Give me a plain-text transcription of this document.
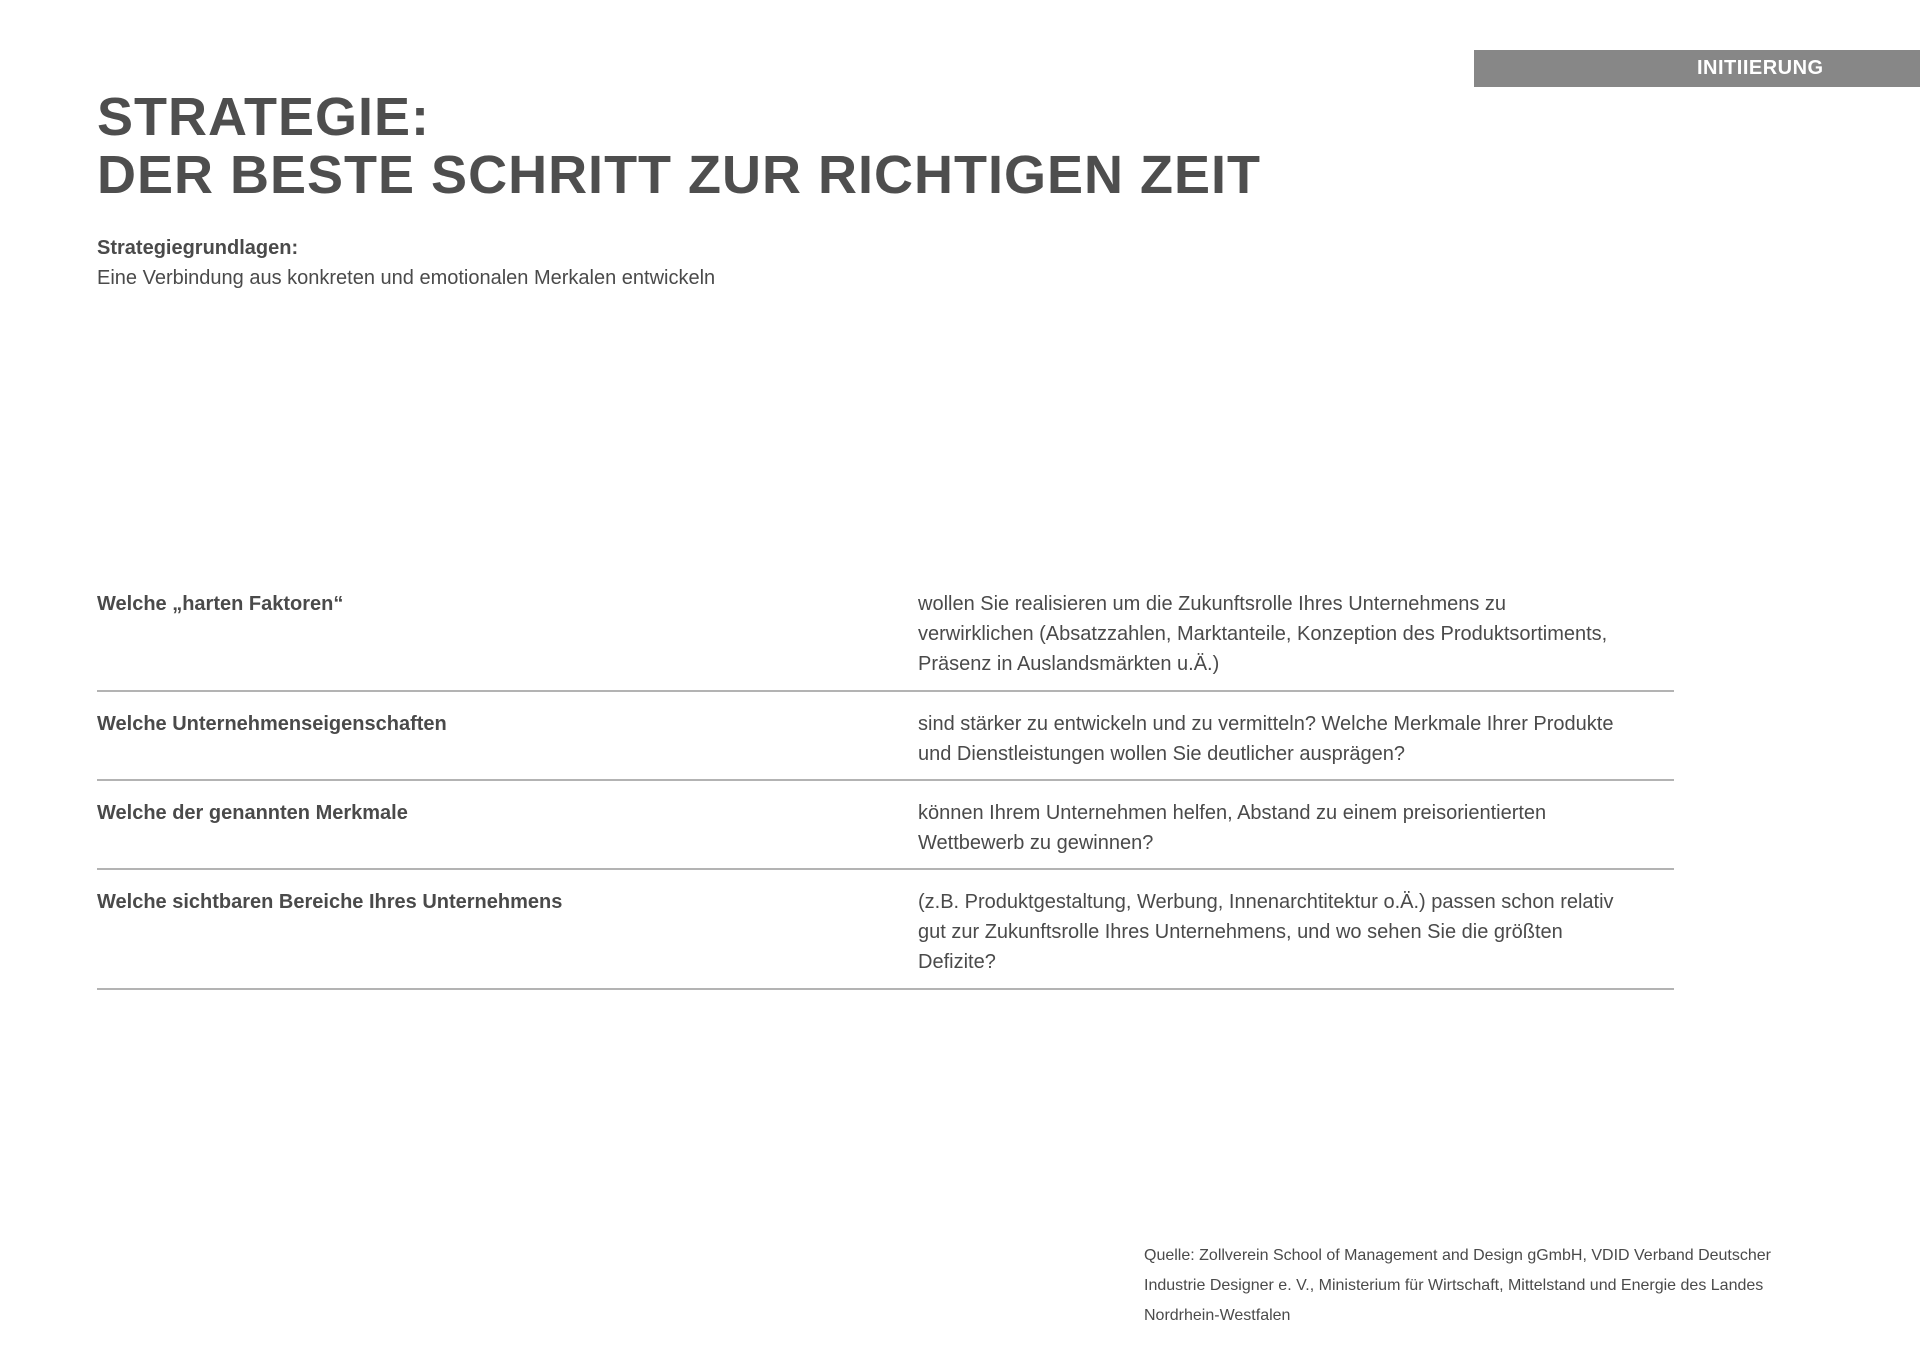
INITIIERUNG
STRATEGIE:
DER BESTE SCHRITT ZUR RICHTIGEN ZEIT
Strategiegrundlagen:
Eine Verbindung aus konkreten und emotionalen Merkalen entwickeln
Welche „harten Faktoren“	wollen Sie realisieren um die Zukunftsrolle Ihres Unternehmens zu
verwirklichen (Absatzzahlen, Marktanteile, Konzeption des Produktsortiments,
Präsenz in Auslandsmärkten u.Ä.)
Welche Unternehmenseigenschaften	sind stärker zu entwickeln und zu vermitteln? Welche Merkmale Ihrer Produkte
und Dienstleistungen wollen Sie deutlicher ausprägen?
Welche der genannten Merkmale	können Ihrem Unternehmen helfen, Abstand zu einem preisorientierten
Wettbewerb zu gewinnen?
Welche sichtbaren Bereiche Ihres Unternehmens	(z.B. Produktgestaltung, Werbung, Innenarchtitektur o.Ä.) passen schon relativ
gut zur Zukunftsrolle Ihres Unternehmens, und wo sehen Sie die größten
Defizite?
Quelle: Zollverein School of Management and Design gGmbH, VDID Verband Deutscher
Industrie Designer e. V., Ministerium für Wirtschaft, Mittelstand und Energie des Landes
Nordrhein-Westfalen
